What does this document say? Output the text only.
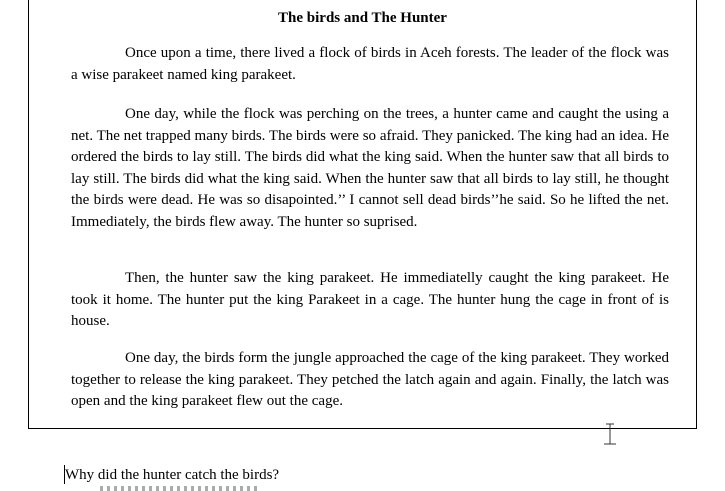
The birds and The Hunter

Once upon a time, there lived a flock of birds in Aceh forests. The leader of the flock was a wise parakeet named king parakeet.

One day, while the flock was perching on the trees, a hunter came and caught the using a net. The net trapped many birds. The birds were so afraid. They panicked. The king had an idea. He ordered the birds to lay still. The birds did what the king said. When the hunter saw that all birds to lay still. The birds did what the king said. When the hunter saw that all birds to lay still, he thought the birds were dead. He was so disapointed.’’ I cannot sell dead birds’’he said. So he lifted the net. Immediately, the birds flew away. The hunter so suprised.

Then, the hunter saw the king parakeet. He immediatelly caught the king parakeet. He took it home. The hunter put the king Parakeet in a cage. The hunter hung the cage in front of is house.

One day, the birds form the jungle approached the cage of the king parakeet. They worked together to release the king parakeet. They petched the latch again and again. Finally, the latch was open and the king parakeet flew out the cage.

Why did the hunter catch the birds?
